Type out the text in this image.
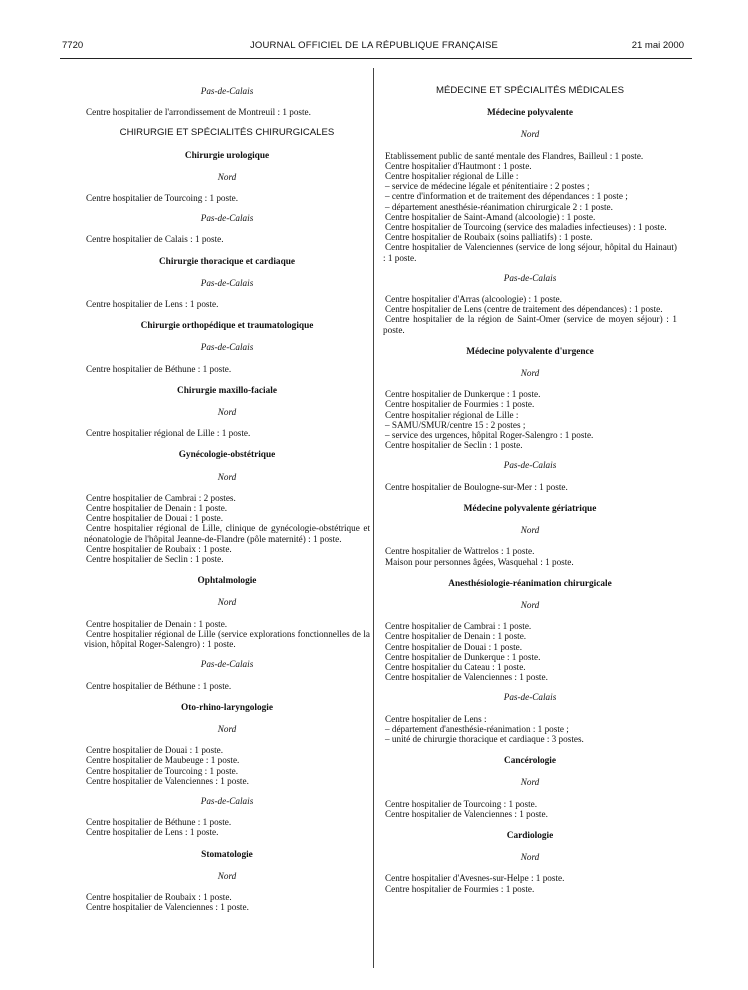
7720	JOURNAL OFFICIEL DE LA RÉPUBLIQUE FRANÇAISE	21 mai 2000
Pas-de-Calais
Centre hospitalier de l'arrondissement de Montreuil : 1 poste.
CHIRURGIE ET SPÉCIALITÉS CHIRURGICALES
Chirurgie urologique
Nord
Centre hospitalier de Tourcoing : 1 poste.
Pas-de-Calais
Centre hospitalier de Calais : 1 poste.
Chirurgie thoracique et cardiaque
Pas-de-Calais
Centre hospitalier de Lens : 1 poste.
Chirurgie orthopédique et traumatologique
Pas-de-Calais
Centre hospitalier de Béthune : 1 poste.
Chirurgie maxillo-faciale
Nord
Centre hospitalier régional de Lille : 1 poste.
Gynécologie-obstétrique
Nord
Centre hospitalier de Cambrai : 2 postes.
Centre hospitalier de Denain : 1 poste.
Centre hospitalier de Douai : 1 poste.
Centre hospitalier régional de Lille, clinique de gynécologie-obstétrique et néonatologie de l'hôpital Jeanne-de-Flandre (pôle maternité) : 1 poste.
Centre hospitalier de Roubaix : 1 poste.
Centre hospitalier de Seclin : 1 poste.
Ophtalmologie
Nord
Centre hospitalier de Denain : 1 poste.
Centre hospitalier régional de Lille (service explorations fonctionnelles de la vision, hôpital Roger-Salengro) : 1 poste.
Pas-de-Calais
Centre hospitalier de Béthune : 1 poste.
Oto-rhino-laryngologie
Nord
Centre hospitalier de Douai : 1 poste.
Centre hospitalier de Maubeuge : 1 poste.
Centre hospitalier de Tourcoing : 1 poste.
Centre hospitalier de Valenciennes : 1 poste.
Pas-de-Calais
Centre hospitalier de Béthune : 1 poste.
Centre hospitalier de Lens : 1 poste.
Stomatologie
Nord
Centre hospitalier de Roubaix : 1 poste.
Centre hospitalier de Valenciennes : 1 poste.
MÉDECINE ET SPÉCIALITÉS MÉDICALES
Médecine polyvalente
Nord
Etablissement public de santé mentale des Flandres, Bailleul : 1 poste.
Centre hospitalier d'Hautmont : 1 poste.
Centre hospitalier régional de Lille :
– service de médecine légale et pénitentiaire : 2 postes ;
– centre d'information et de traitement des dépendances : 1 poste ;
– département anesthésie-réanimation chirurgicale 2 : 1 poste.
Centre hospitalier de Saint-Amand (alcoologie) : 1 poste.
Centre hospitalier de Tourcoing (service des maladies infectieuses) : 1 poste.
Centre hospitalier de Roubaix (soins palliatifs) : 1 poste.
Centre hospitalier de Valenciennes (service de long séjour, hôpital du Hainaut) : 1 poste.
Pas-de-Calais
Centre hospitalier d'Arras (alcoologie) : 1 poste.
Centre hospitalier de Lens (centre de traitement des dépendances) : 1 poste.
Centre hospitalier de la région de Saint-Omer (service de moyen séjour) : 1 poste.
Médecine polyvalente d'urgence
Nord
Centre hospitalier de Dunkerque : 1 poste.
Centre hospitalier de Fourmies : 1 poste.
Centre hospitalier régional de Lille :
– SAMU/SMUR/centre 15 : 2 postes ;
– service des urgences, hôpital Roger-Salengro : 1 poste.
Centre hospitalier de Seclin : 1 poste.
Pas-de-Calais
Centre hospitalier de Boulogne-sur-Mer : 1 poste.
Médecine polyvalente gériatrique
Nord
Centre hospitalier de Wattrelos : 1 poste.
Maison pour personnes âgées, Wasquehal : 1 poste.
Anesthésiologie-réanimation chirurgicale
Nord
Centre hospitalier de Cambrai : 1 poste.
Centre hospitalier de Denain : 1 poste.
Centre hospitalier de Douai : 1 poste.
Centre hospitalier de Dunkerque : 1 poste.
Centre hospitalier du Cateau : 1 poste.
Centre hospitalier de Valenciennes : 1 poste.
Pas-de-Calais
Centre hospitalier de Lens :
– département d'anesthésie-réanimation : 1 poste ;
– unité de chirurgie thoracique et cardiaque : 3 postes.
Cancérologie
Nord
Centre hospitalier de Tourcoing : 1 poste.
Centre hospitalier de Valenciennes : 1 poste.
Cardiologie
Nord
Centre hospitalier d'Avesnes-sur-Helpe : 1 poste.
Centre hospitalier de Fourmies : 1 poste.
